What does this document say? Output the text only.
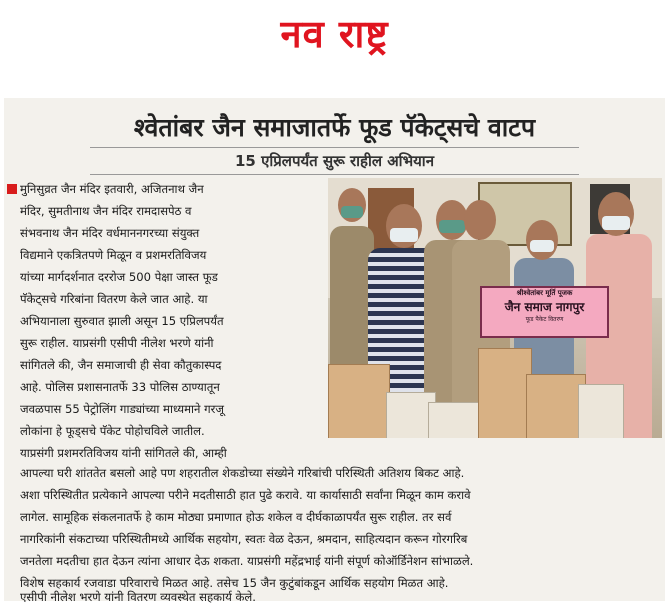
नव राष्ट्र
श्वेतांबर जैन समाजातर्फे फूड पॅकेट्सचे वाटप
15 एप्रिलपर्यंत सुरू राहील अभियान
मुनिसुव्रत जैन मंदिर इतवारी, अजितनाथ जैन
मंदिर, सुमतीनाथ जैन मंदिर रामदासपेठ व
संभवनाथ जैन मंदिर वर्धमाननगरच्या संयुक्त
विद्यमाने एकत्रितपणे मिळून व प्रशमरतिविजय
यांच्या मार्गदर्शनात दररोज 500 पेक्षा जास्त फूड
पॅकेट्सचे गरिबांना वितरण केले जात आहे. या
अभियानाला सुरुवात झाली असून 15 एप्रिलपर्यंत
सुरू राहील. याप्रसंगी एसीपी नीलेश भरणे यांनी
सांगितले की, जैन समाजाची ही सेवा कौतुकास्पद
आहे. पोलिस प्रशासनातर्फे 33 पोलिस ठाण्यातून
जवळपास 55 पेट्रोलिंग गाड्यांच्या माध्यमाने गरजू
लोकांना हे फूड्सचे पॅकेट पोहोचविले जातील.
याप्रसंगी प्रशमरतिविजय यांनी सांगितले की, आम्ही
आपल्या घरी शांततेत बसलो आहे पण शहरातील शेकडोच्या संख्येने गरिबांची परिस्थिती अतिशय बिकट आहे.
अशा परिस्थितीत प्रत्येकाने आपल्या परीने मदतीसाठी हात पुढे करावे. या कार्यासाठी सर्वांना मिळून काम करावे
लागेल. सामूहिक संकलनातर्फे हे काम मोठ्या प्रमाणात होऊ शकेल व दीर्घकाळापर्यंत सुरू राहील. तर सर्व
नागरिकांनी संकटाच्या परिस्थितीमध्ये आर्थिक सहयोग, स्वतः वेळ देऊन, श्रमदान, साहित्यदान करून गोरगरिब
जनतेला मदतीचा हात देऊन त्यांना आधार देऊ शकता. याप्रसंगी महेंद्रभाई यांनी संपूर्ण कोऑर्डिनेशन सांभाळले.
विशेष सहकार्य रजवाडा परिवाराचे मिळत आहे. तसेच 15 जैन कुटुंबांकडून आर्थिक सहयोग मिळत आहे.
एसीपी नीलेश भरणे यांनी वितरण व्यवस्थेत सहकार्य केले.
श्रीश्वेतांबर मूर्ति पूजक
जैन समाज नागपुर
फूड पैकेट वितरण
